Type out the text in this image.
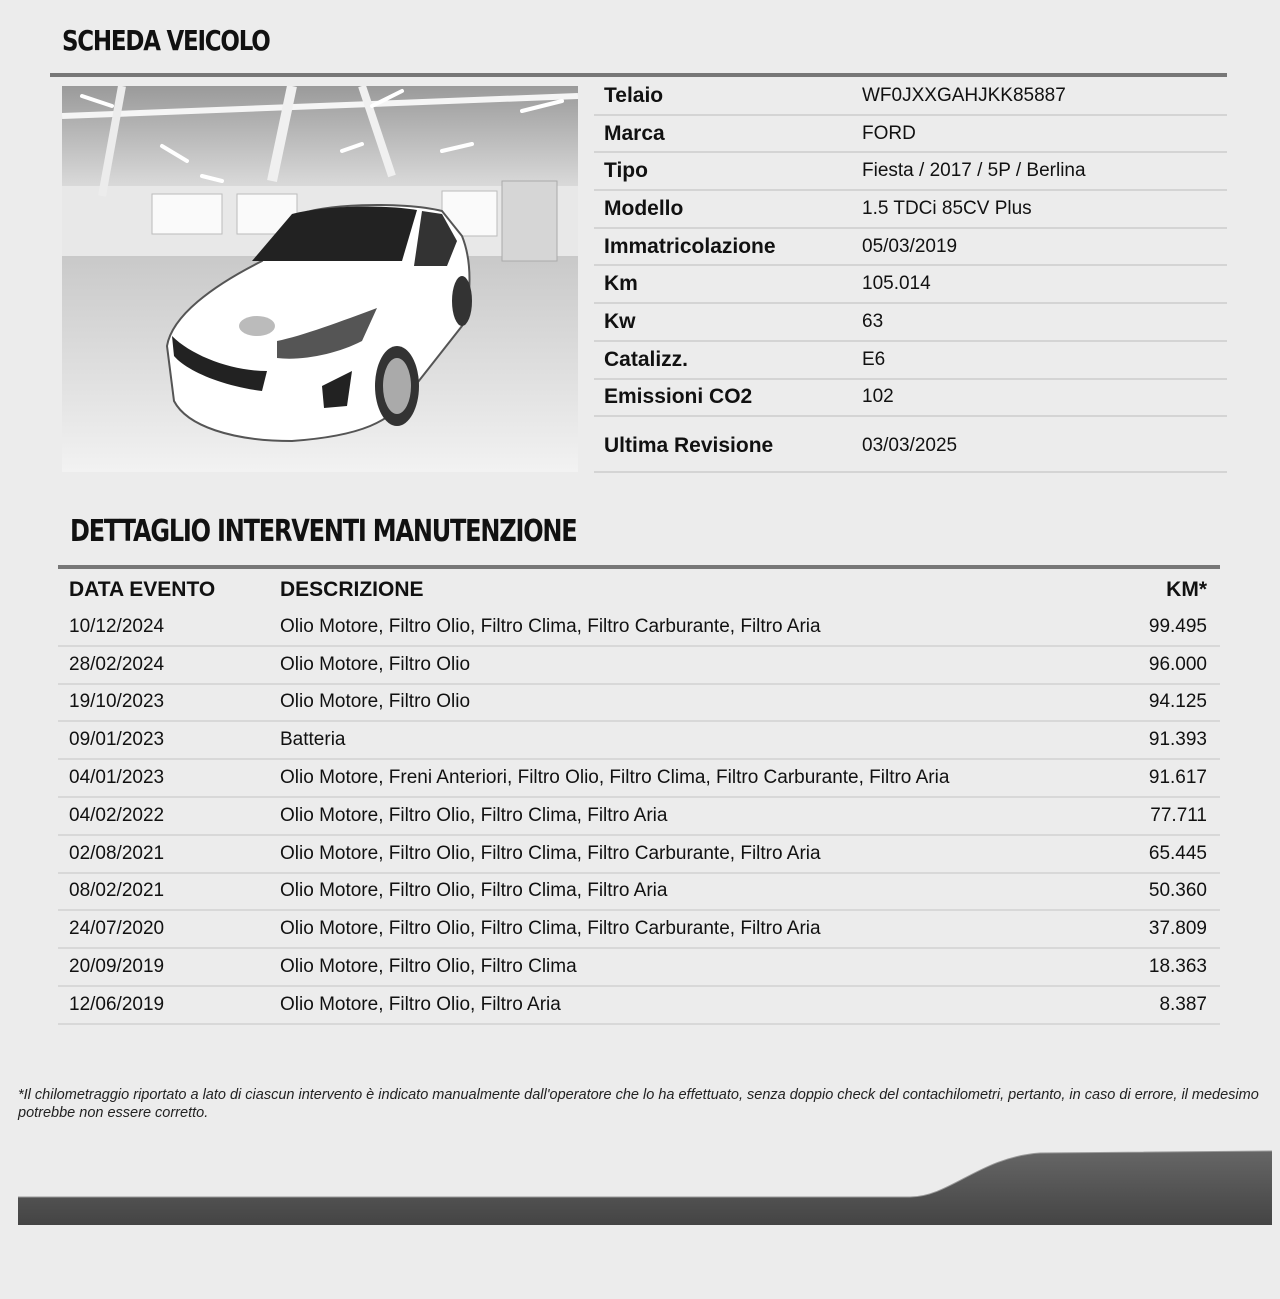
SCHEDA VEICOLO
Telaio	WF0JXXGAHJKK85887
Marca	FORD
Tipo	Fiesta / 2017 / 5P / Berlina
Modello	1.5 TDCi 85CV Plus
Immatricolazione	05/03/2019
Km	105.014
Kw	63
Catalizz.	E6
Emissioni CO2	102
Ultima Revisione	03/03/2025
DETTAGLIO INTERVENTI MANUTENZIONE
DATA EVENTO	DESCRIZIONE	KM*
10/12/2024	Olio Motore, Filtro Olio, Filtro Clima, Filtro Carburante, Filtro Aria	99.495
28/02/2024	Olio Motore, Filtro Olio	96.000
19/10/2023	Olio Motore, Filtro Olio	94.125
09/01/2023	Batteria	91.393
04/01/2023	Olio Motore, Freni Anteriori, Filtro Olio, Filtro Clima, Filtro Carburante, Filtro Aria	91.617
04/02/2022	Olio Motore, Filtro Olio, Filtro Clima, Filtro Aria	77.711
02/08/2021	Olio Motore, Filtro Olio, Filtro Clima, Filtro Carburante, Filtro Aria	65.445
08/02/2021	Olio Motore, Filtro Olio, Filtro Clima, Filtro Aria	50.360
24/07/2020	Olio Motore, Filtro Olio, Filtro Clima, Filtro Carburante, Filtro Aria	37.809
20/09/2019	Olio Motore, Filtro Olio, Filtro Clima	18.363
12/06/2019	Olio Motore, Filtro Olio, Filtro Aria	8.387
*Il chilometraggio riportato a lato di ciascun intervento è indicato manualmente dall'operatore che lo ha effettuato, senza doppio check del contachilometri, pertanto, in caso di errore, il medesimo potrebbe non essere corretto.
